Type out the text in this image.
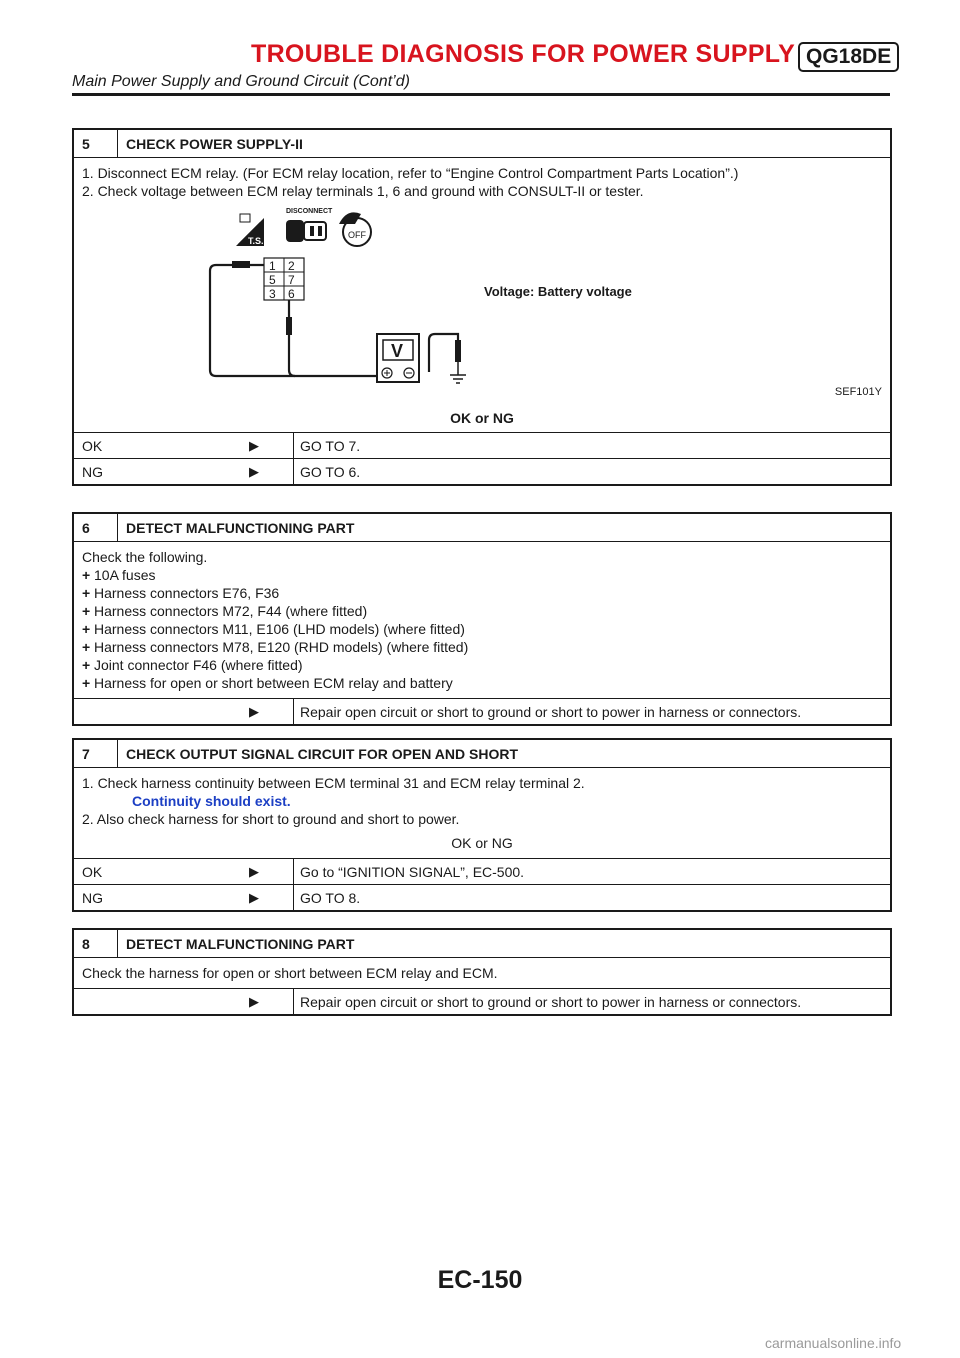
TROUBLE DIAGNOSIS FOR POWER SUPPLY QG18DE
Main Power Supply and Ground Circuit (Cont’d)
5	CHECK POWER SUPPLY-II

1. Disconnect ECM relay. (For ECM relay location, refer to “Engine Control Compartment Parts Location”.)

2. Check voltage between ECM relay terminals 1, 6 and ground with CONSULT-II or tester.

T.S.
DISCONNECT
OFF
1 2
5 7
3 6
V
Voltage: Battery voltage
SEF101Y
OK or NG
OK	▶	GO TO 7.
NG	▶	GO TO 6.
6	DETECT MALFUNCTIONING PART

Check the following.

+ 10A fuses
+ Harness connectors E76, F36
+ Harness connectors M72, F44 (where fitted)
+ Harness connectors M11, E106 (LHD models) (where fitted)
+ Harness connectors M78, E120 (RHD models) (where fitted)
+ Joint connector F46 (where fitted)
+ Harness for open or short between ECM relay and battery
▶	Repair open circuit or short to ground or short to power in harness or connectors.
7	CHECK OUTPUT SIGNAL CIRCUIT FOR OPEN AND SHORT

1. Check harness continuity between ECM terminal 31 and ECM relay terminal 2.

Continuity should exist.

2. Also check harness for short to ground and short to power.

OK or NG

OK	▶	Go to “IGNITION SIGNAL”, EC-500.
NG	▶	GO TO 8.
8	DETECT MALFUNCTIONING PART

Check the harness for open or short between ECM relay and ECM.

▶	Repair open circuit or short to ground or short to power in harness or connectors.
EC-150
carmanualsonline.info
